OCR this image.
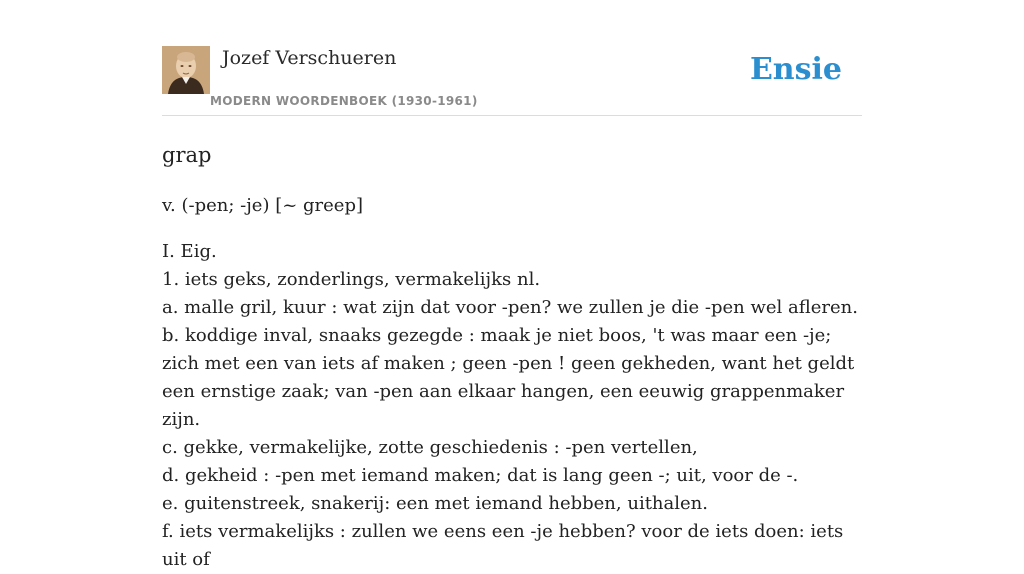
Jozef Verschueren
MODERN WOORDENBOEK (1930-1961)
Ensie
grap

v. (-pen; -je) [~ greep]

I. Eig.

1. iets geks, zonderlings, vermakelijks nl.

a. malle gril, kuur : wat zijn dat voor -pen? we zullen je die -pen wel afleren.

b. koddige inval, snaaks gezegde : maak je niet boos, 't was maar een -je; zich met een van iets af maken ; geen -pen ! geen gekheden, want het geldt een ernstige zaak; van -pen aan elkaar hangen, een eeuwig grappenmaker zijn.

c. gekke, vermakelijke, zotte geschiedenis : -pen vertellen,

d. gekheid : -pen met iemand maken; dat is lang geen -; uit, voor de -.

e. guitenstreek, snakerij: een met iemand hebben, uithalen.

f. iets vermakelijks : zullen we eens een -je hebben? voor de iets doen: iets uit of
